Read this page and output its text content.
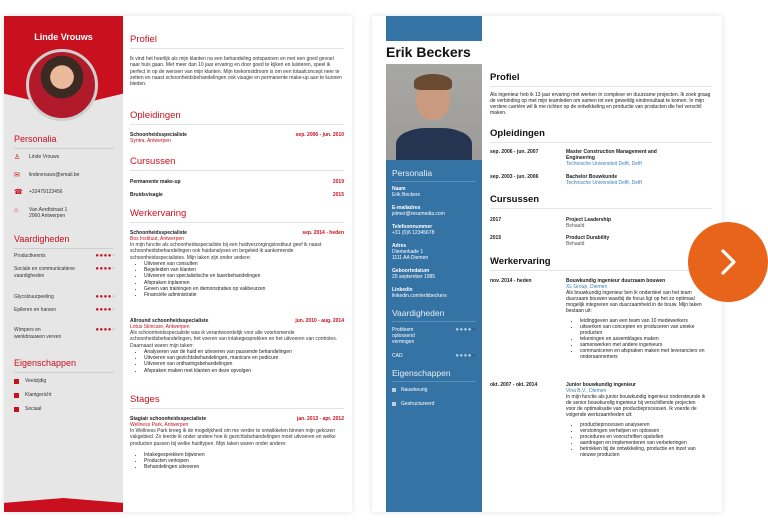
Linde Vrouws
Personalia
♙	Linde Vrouws
✉	lindevrouws@email.be
☎ +32479123456
⌂	Van Aerdtstraat 1
2060 Antwerpen
Vaardigheden
Productkennis	●●●●●
Sociale en communicatieve vaardigheden
●●●●●
Glycolzuurpeeling	●●●●●
Epileren en harsen	●●●●●
Wimpers en wenkbrauwen verven
●●●●●
Eigenschappen
Veelzijdig
Klantgericht
Sociaal
Profiel
Ik vind het heerlijk als mijn klanten na een behandeling ontspannen en met een goed gevoel naar huis gaan. Met meer dan 10 jaar ervaring en door goed te kijken en luisteren, speel ik perfect in op de wensen van mijn klanten. Mijn toekomstdroom is om een totaalconcept neer te zetten en naast schoonheidsbehandelingen ook visagie en permanente make-up aan te kunnen bieden.
Opleidingen
Schoonheidsspecialiste
Syntra, Antwerpen
sep. 2006 - jun. 2010
Cursussen
Permanente make-up	2019
Bruidsvisagie	2015
Werkervaring
Schoonheidsspecialiste
Bos Instituut, Antwerpen
sep. 2014 - heden
In mijn functie als schoonheidsspecialiste bij een huidverzorgingsinstituut geef ik naast schoonheidsbehandelingen ook huidanalyses en begeleid ik aankomende schoonheidsspecialistes. Mijn taken zijn onder andere:
• Uitvoeren van consulten
• Begeleiden van klanten
• Uitvoeren van specialistische en laserbehandelingen
• Afspraken inplannen
• Geven van trainingen en demonstraties op vakbeurzen
• Financiële administratie
Allround schoonheidsspecialiste
Lotus Skincare, Antwerpen
jun. 2010 - aug. 2014
Als schoonheidsspecialiste was ik verantwoordelijk voor alle voorkomende schoonheidsbehandelingen, het voeren van intakegesprekken en het uitvoeren van controles. Daarnaast waren mijn taken:
• Analyseren van de huid en uitvoeren van passende behandelingen
• Uitvoeren van gezichtsbehandelingen, manicure en pedicure
• Uitvoeren van ontharingsbehandelingen
• Afspraken maken met klanten en deze opvolgen
Stages
Stagiair schoonheidsspecialiste
Wellness Park, Antwerpen
jan. 2013 - apr. 2012
In Wellness Park kreeg ik de mogelijkheid om me verder te ontwikkelen binnen mijn gekozen vakgebied. Zo leerde ik onder andere hoe ik gezichtsbehandelingen moet uitvoeren en welke producten passen bij welke huidtypen. Mijn taken waren onder andere:
• Intakegesprekken bijwonen
• Producten verkopen
• Behandelingen uitvoeren
Erik Beckers
Personalia
Naam
Erik Beckers
E-mailadres
jelmer@resumedia.com
Telefoonnummer
+31 (0)6 12345678
Adres
Diemerkade 1
1111 AA Diemen
Geboortedatum
20 september 1985
Linkedin
linkedin.com/erikbeckers
Vaardigheden
Probleem oplossend vermogen
●●●●●
CAD	●●●●●
Eigenschappen
Nauwkeurig
Gestructureerd
Profiel
Als ingenieur heb ik 13 jaar ervaring met werken in complexe en duurzame projecten. Ik zoek graag de verbinding op met mijn teamleden om samen tot een geweldig eindresultaat te komen. In mijn verdere carrière wil ik me richten op de ontwikkeling en productie van producten die het verschil maken.
Opleidingen
sep. 2006 - jun. 2007	Master Construction Management and Engineering
Technische Universiteit Delft, Delft
sep. 2003 - jun. 2006	Bachelor Bouwkunde
Technische Universiteit Delft, Delft
Cursussen
2017	Project Leadership
Behaald
2015	Product Durability
Behaald
Werkervaring
nov. 2014 - heden	Bouwkundig ingenieur duurzaam bouwen
XL Group, Diemen
Als bouwkundig ingenieur ben ik onderdeel van het team duurzaam bouwen waarbij de focus ligt op het zo optimaal mogelijk integreren van duurzaamheid in de bouw. Mijn taken bestaan uit:
• leidinggeven aan een team van 10 medewerkers
• uitwerken van concepten en produceren van unieke producten
• tekeningen en assemblages maken
• samenwerken met andere ingenieurs
• communiceren en afspraken maken met leveranciers en onderaannemers
okt. 2007 - okt. 2014	Junior bouwkundig ingenieur
Vina B.V., Diemen
In mijn functie als junior bouwkundig ingenieur ondersteunde ik de senior bouwkundig ingenieur bij verschillende projecten voor de optimalisatie van productieprocessen. Ik voerde de volgende werkzaamheden uit:
• productieprocessen analyseren
• verstoringen verhelpen en oplossen
• procedures en voorschriften opstellen
• aandragen en implementeren van verbeteringen
• betrokken bij de ontwikkeling, productie en inzet van nieuwe producten
